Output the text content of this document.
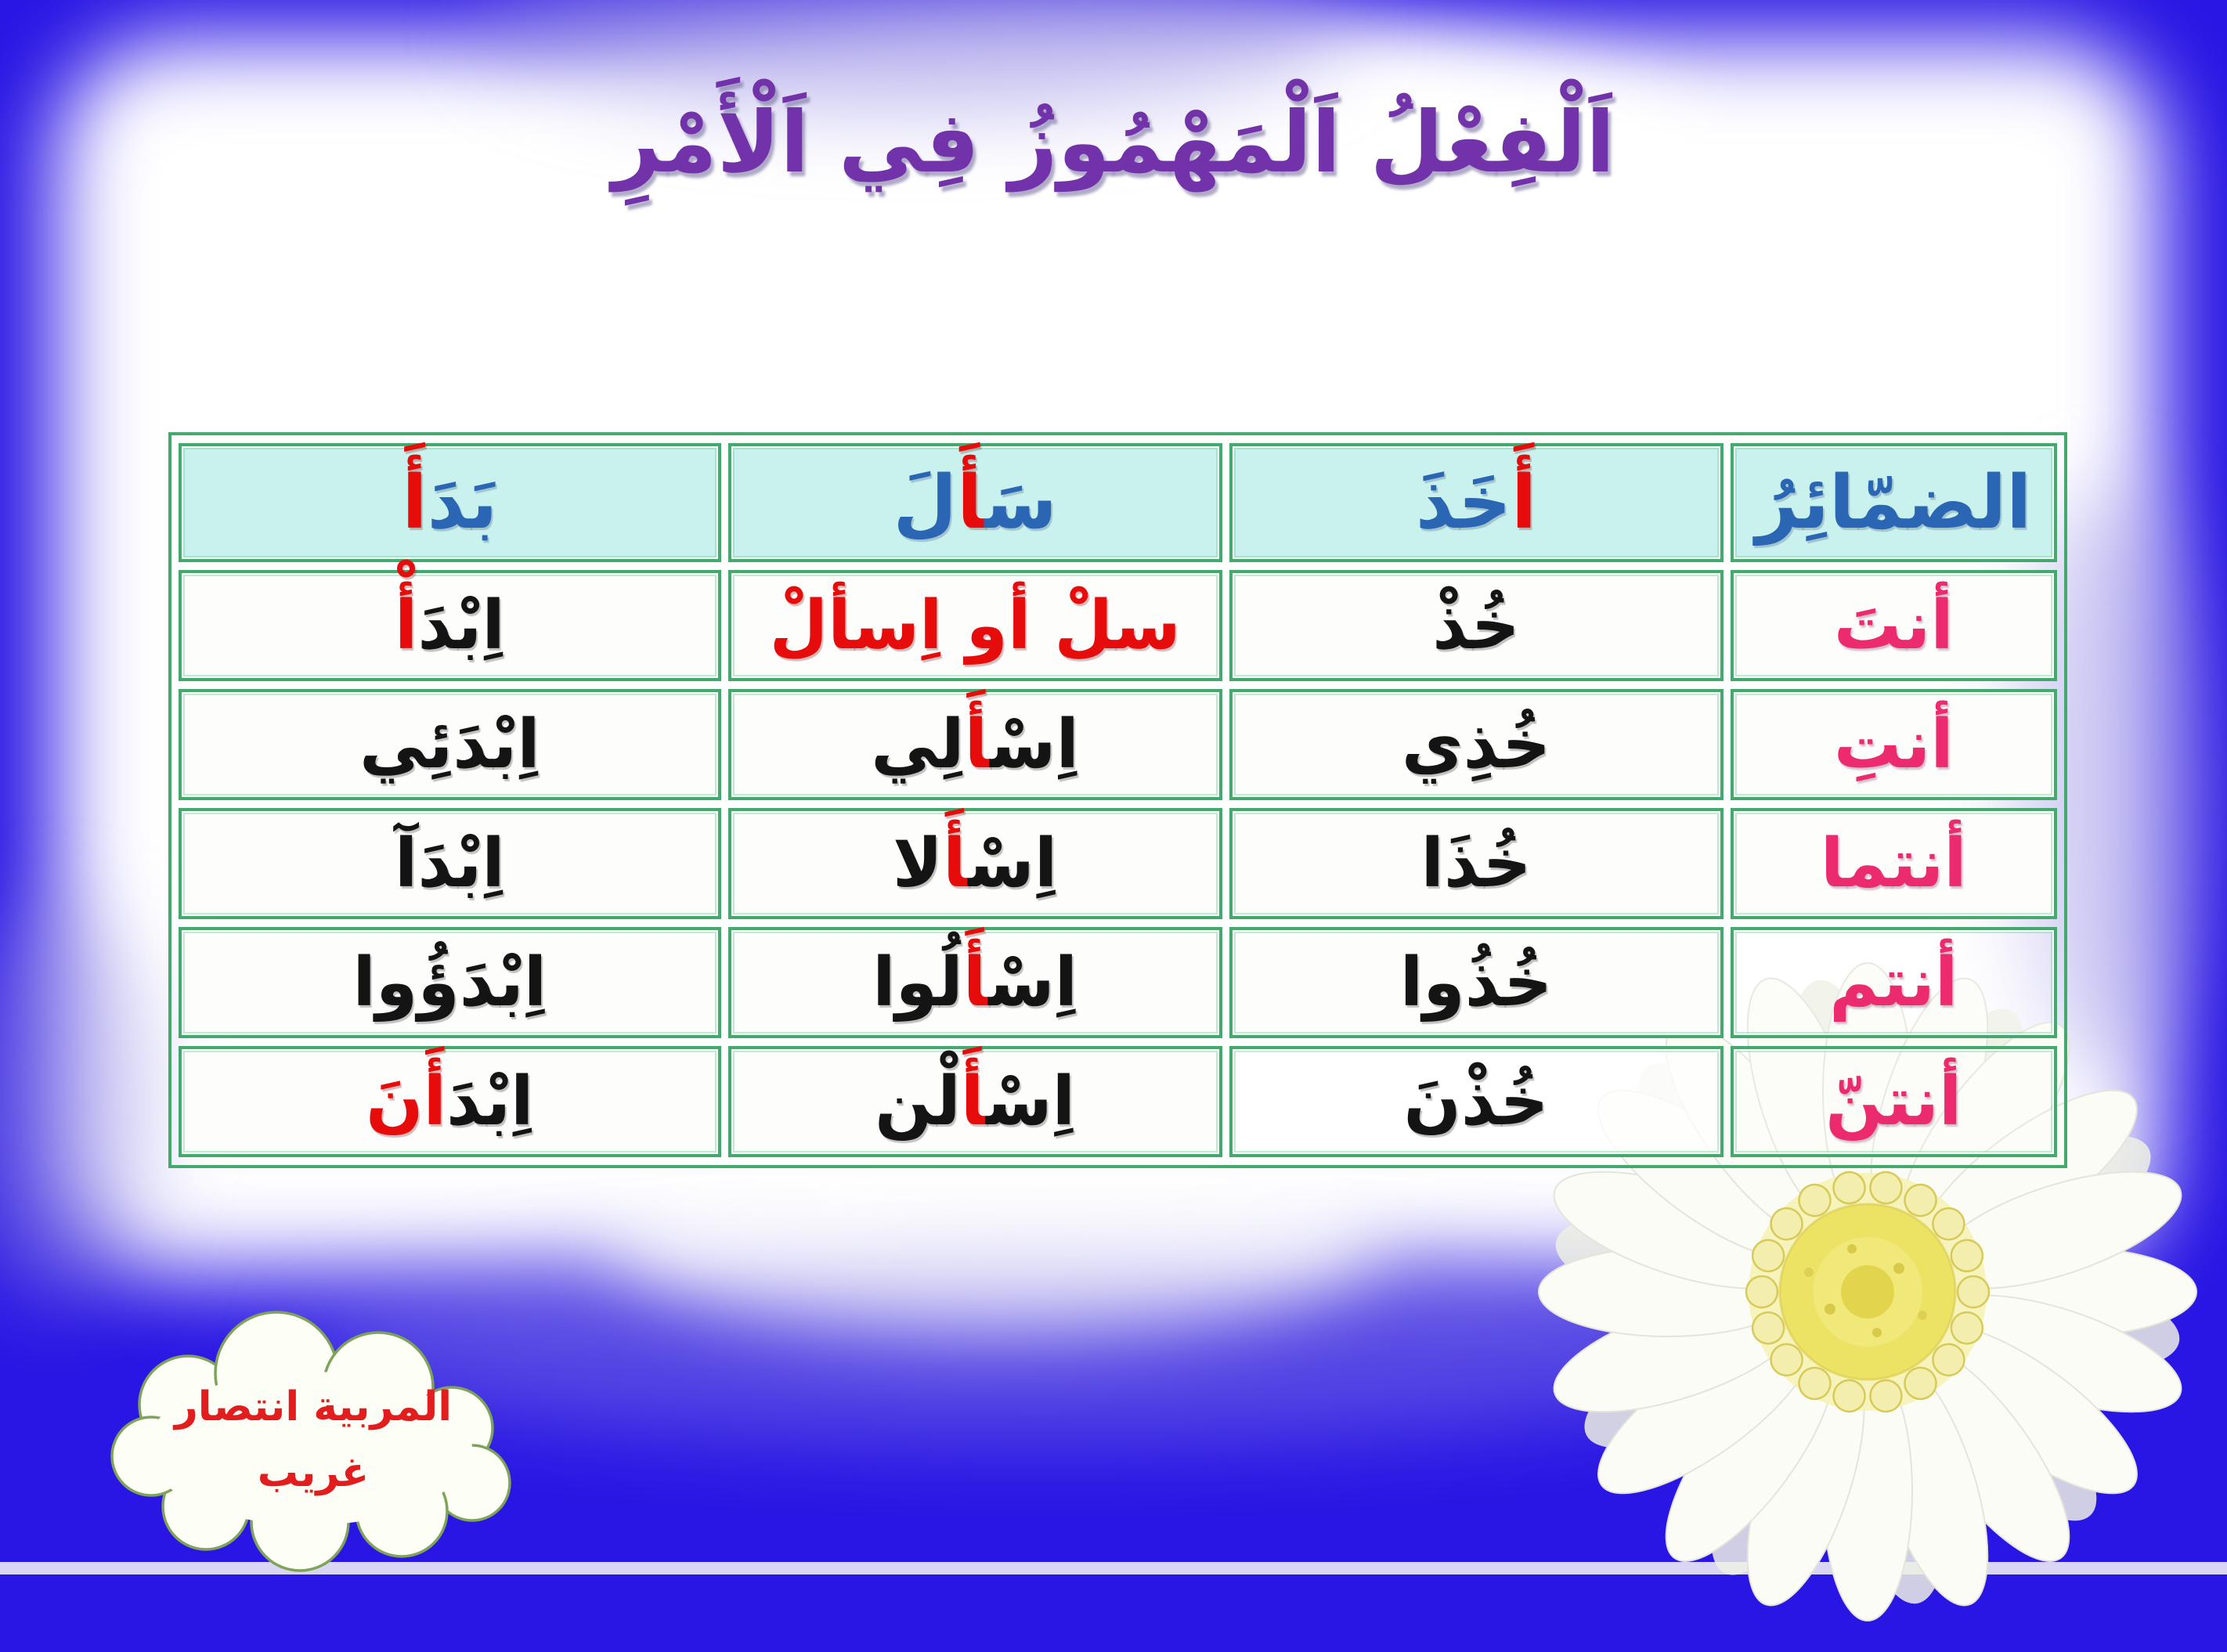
اَلْفِعْلُ اَلْمَهْمُوزُ فِي اَلْأَمْرِ
الضمّائِرُ	أَخَذَ	سَأَلَ	بَدَأَ
أنتَ	خُذْ	سلْ أو اِسألْ	اِبْدَأْ
أنتِ	خُذِي	اِسْأَلِي	اِبْدَئِي
أنتما	خُذَا	اِسْأَلا	اِبْدَآ
أنتم	خُذُوا	اِسْأَلُوا	اِبْدَؤُوا
أنتنّ	خُذْنَ	اِسْأَلْن	اِبْدَأَنَ
المربية انتصار
غريب
